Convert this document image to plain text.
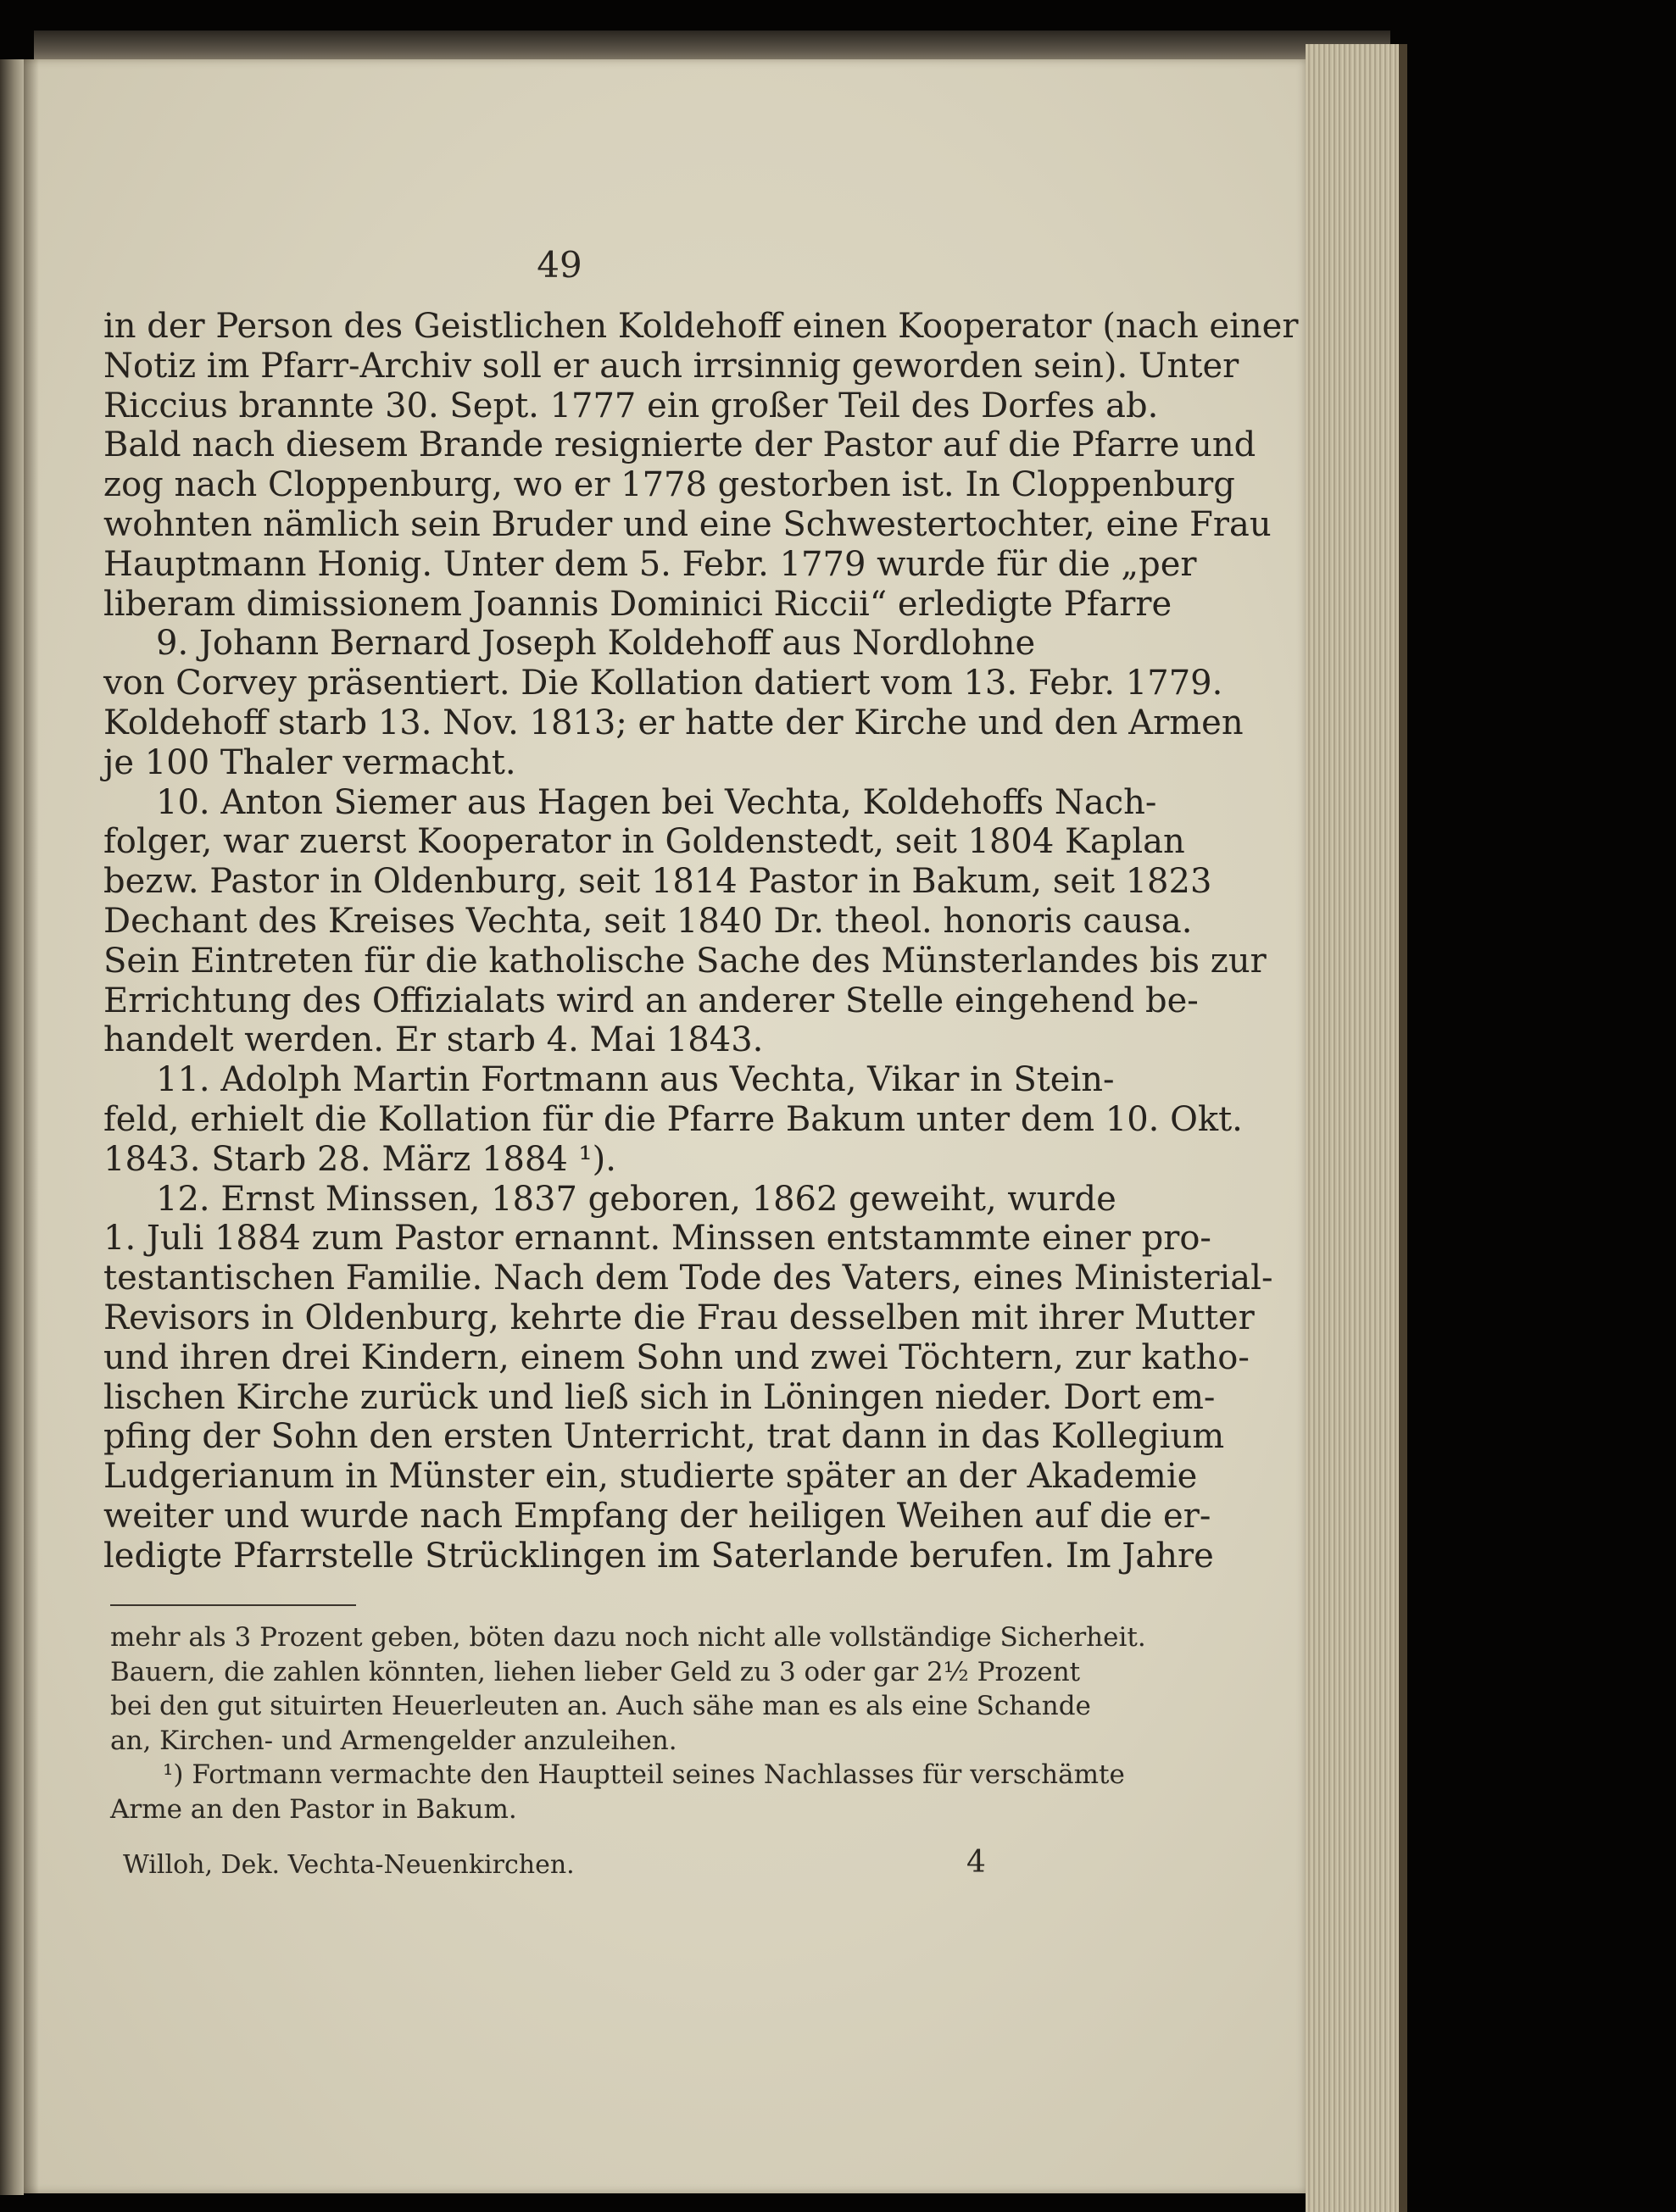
49
in der Person des Geistlichen Koldehoff einen Kooperator (nach einer
Notiz im Pfarr-Archiv soll er auch irrsinnig geworden sein). Unter
Riccius brannte 30. Sept. 1777 ein großer Teil des Dorfes ab.
Bald nach diesem Brande resignierte der Pastor auf die Pfarre und
zog nach Cloppenburg, wo er 1778 gestorben ist. In Cloppenburg
wohnten nämlich sein Bruder und eine Schwestertochter, eine Frau
Hauptmann Honig. Unter dem 5. Febr. 1779 wurde für die „per
liberam dimissionem Joannis Dominici Riccii“ erledigte Pfarre
9. Johann Bernard Joseph Koldehoff aus Nordlohne
von Corvey präsentiert. Die Kollation datiert vom 13. Febr. 1779.
Koldehoff starb 13. Nov. 1813; er hatte der Kirche und den Armen
je 100 Thaler vermacht.
10. Anton Siemer aus Hagen bei Vechta, Koldehoffs Nach-
folger, war zuerst Kooperator in Goldenstedt, seit 1804 Kaplan
bezw. Pastor in Oldenburg, seit 1814 Pastor in Bakum, seit 1823
Dechant des Kreises Vechta, seit 1840 Dr. theol. honoris causa.
Sein Eintreten für die katholische Sache des Münsterlandes bis zur
Errichtung des Offizialats wird an anderer Stelle eingehend be-
handelt werden. Er starb 4. Mai 1843.
11. Adolph Martin Fortmann aus Vechta, Vikar in Stein-
feld, erhielt die Kollation für die Pfarre Bakum unter dem 10. Okt.
1843. Starb 28. März 1884 ¹).
12. Ernst Minssen, 1837 geboren, 1862 geweiht, wurde
1. Juli 1884 zum Pastor ernannt. Minssen entstammte einer pro-
testantischen Familie. Nach dem Tode des Vaters, eines Ministerial-
Revisors in Oldenburg, kehrte die Frau desselben mit ihrer Mutter
und ihren drei Kindern, einem Sohn und zwei Töchtern, zur katho-
lischen Kirche zurück und ließ sich in Löningen nieder. Dort em-
pfing der Sohn den ersten Unterricht, trat dann in das Kollegium
Ludgerianum in Münster ein, studierte später an der Akademie
weiter und wurde nach Empfang der heiligen Weihen auf die er-
ledigte Pfarrstelle Strücklingen im Saterlande berufen. Im Jahre
mehr als 3 Prozent geben, böten dazu noch nicht alle vollständige Sicherheit.
Bauern, die zahlen könnten, liehen lieber Geld zu 3 oder gar 2½ Prozent
bei den gut situirten Heuerleuten an. Auch sähe man es als eine Schande
an, Kirchen- und Armengelder anzuleihen.
¹) Fortmann vermachte den Hauptteil seines Nachlasses für verschämte
Arme an den Pastor in Bakum.
Willoh, Dek. Vechta-Neuenkirchen.	4
